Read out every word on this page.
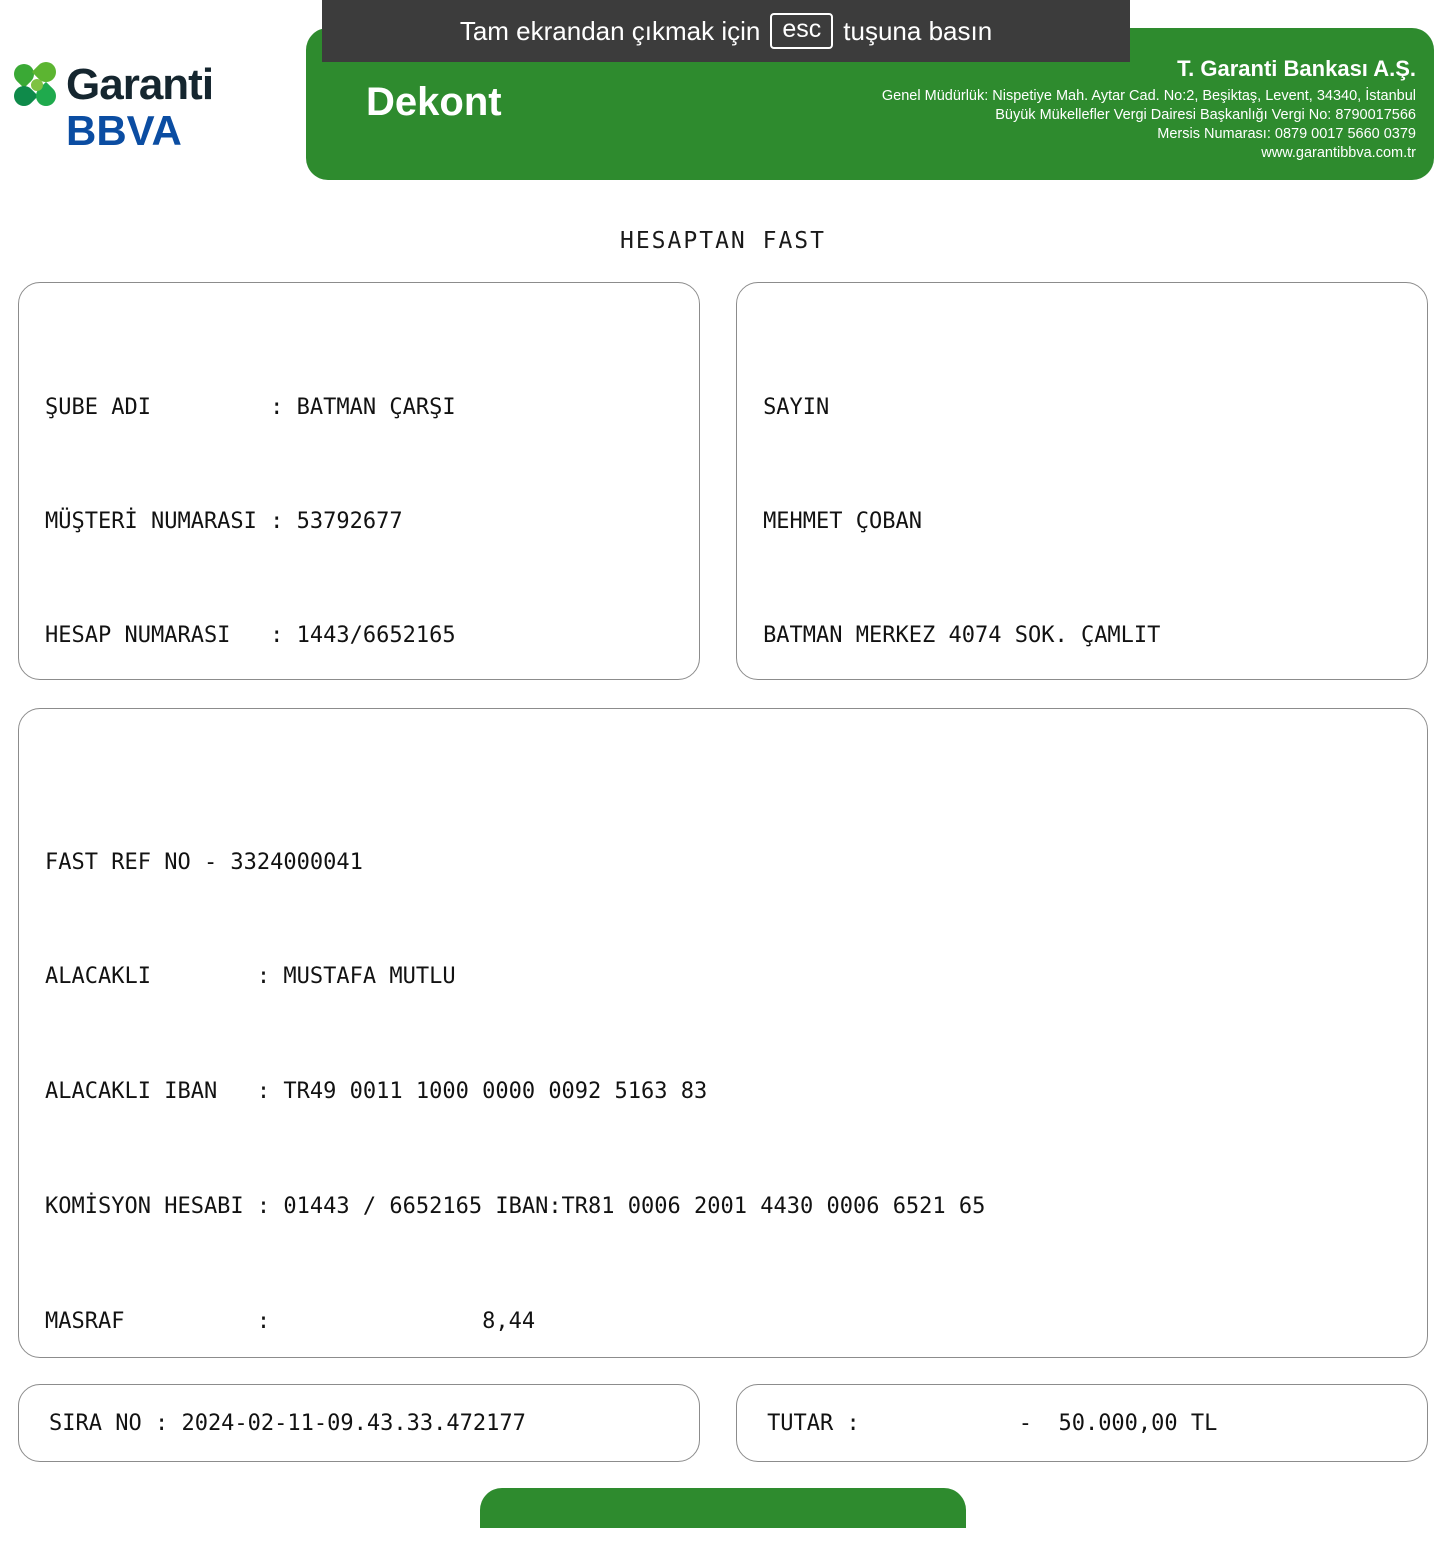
Tam ekrandan çıkmak için esc tuşuna basın
Garanti
BBVA
Dekont
T. Garanti Bankası A.Ş.
Genel Müdürlük: Nispetiye Mah. Aytar Cad. No:2, Beşiktaş, Levent, 34340, İstanbul
Büyük Mükellefler Vergi Dairesi Başkanlığı Vergi No: 8790017566
Mersis Numarası: 0879 0017 5660 0379
www.garantibbva.com.tr
HESAPTAN FAST

ŞUBE ADI         : BATMAN ÇARŞI

MÜŞTERİ NUMARASI : 53792677

HESAP NUMARASI   : 1443/6652165

SAYIN

MEHMET ÇOBAN

BATMAN MERKEZ 4074 SOK. ÇAMLIT

FAST REF NO - 3324000041

ALACAKLI        : MUSTAFA MUTLU

ALACAKLI IBAN   : TR49 0011 1000 0000 0092 5163 83

KOMİSYON HESABI : 01443 / 6652165 IBAN:TR81 0006 2001 4430 0006 6521 65

MASRAF          :                8,44

SIRA NO : 2024-02-11-09.43.33.472177	TUTAR :            -  50.000,00 TL
